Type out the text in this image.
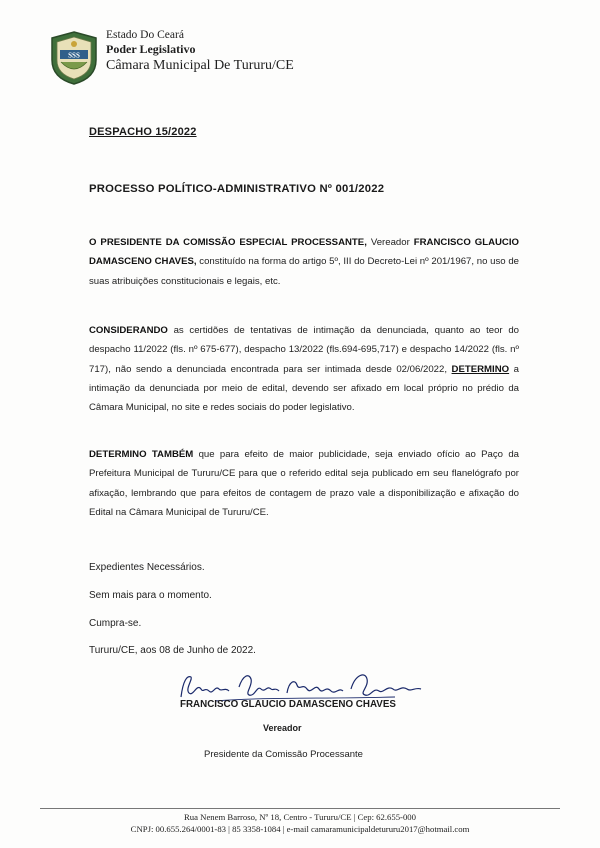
SSS
Estado Do Ceará
Poder Legislativo
Câmara Municipal De Tururu/CE
DESPACHO 15/2022
PROCESSO POLÍTICO-ADMINISTRATIVO Nº 001/2022
O PRESIDENTE DA COMISSÃO ESPECIAL PROCESSANTE, Vereador FRANCISCO GLAUCIO DAMASCENO CHAVES, constituído na forma do artigo 5º, III do Decreto-Lei nº 201/1967, no uso de suas atribuições constitucionais e legais, etc.
CONSIDERANDO as certidões de tentativas de intimação da denunciada, quanto ao teor do despacho 11/2022 (fls. nº 675-677), despacho 13/2022 (fls.694-695,717) e despacho 14/2022 (fls. nº 717), não sendo a denunciada encontrada para ser intimada desde 02/06/2022, DETERMINO a intimação da denunciada por meio de edital, devendo ser afixado em local próprio no prédio da Câmara Municipal, no site e redes sociais do poder legislativo.
DETERMINO TAMBÉM que para efeito de maior publicidade, seja enviado ofício ao Paço da Prefeitura Municipal de Tururu/CE para que o referido edital seja publicado em seu flanelógrafo por afixação, lembrando que para efeitos de contagem de prazo vale a disponibilização e afixação do Edital na Câmara Municipal de Tururu/CE.
Expedientes Necessários.
Sem mais para o momento.
Cumpra-se.
Tururu/CE, aos 08 de Junho de 2022.
FRANCISCO GLAUCIO DAMASCENO CHAVES
Vereador
Presidente da Comissão Processante
Rua Nenem Barroso, Nº 18, Centro - Tururu/CE | Cep: 62.655-000
CNPJ: 00.655.264/0001-83 | 85 3358-1084 | e-mail camaramunicipaldetururu2017@hotmail.com
